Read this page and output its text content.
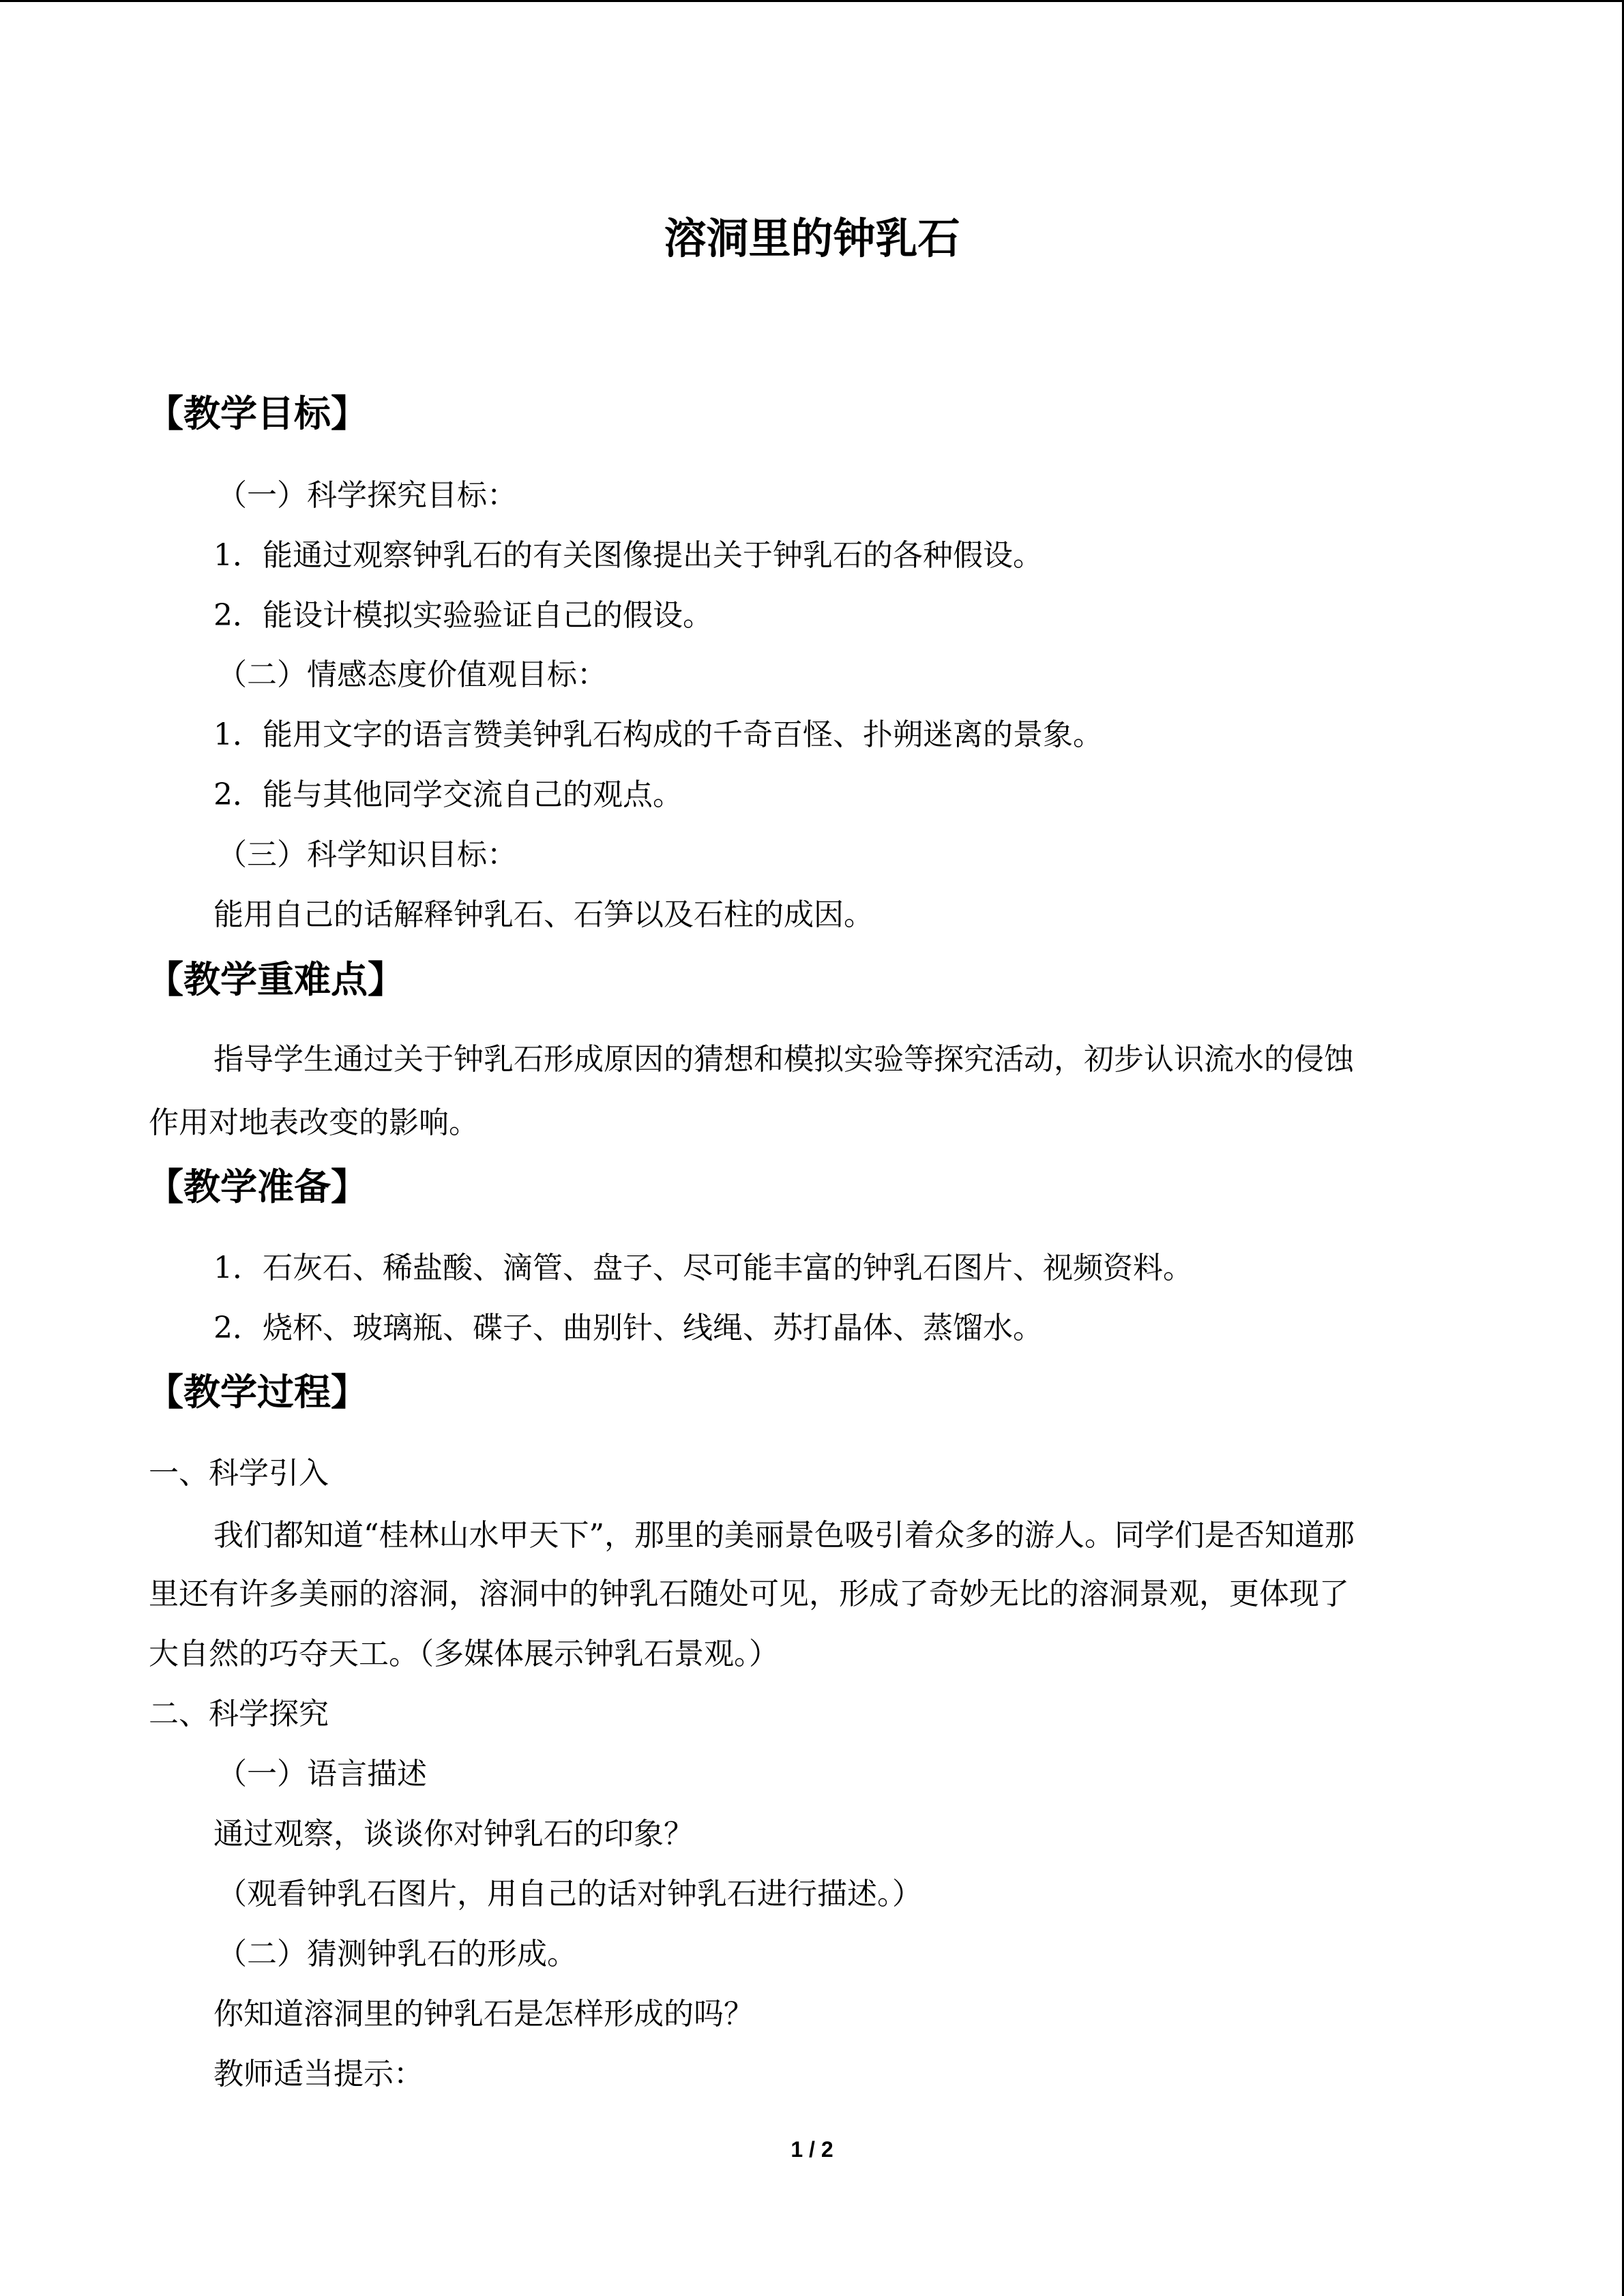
溶洞里的钟乳石
【教学目标】
（一）科学探究目标：
1．能通过观察钟乳石的有关图像提出关于钟乳石的各种假设。
2．能设计模拟实验验证自己的假设。
（二）情感态度价值观目标：
1．能用文字的语言赞美钟乳石构成的千奇百怪、扑朔迷离的景象。
2．能与其他同学交流自己的观点。
（三）科学知识目标：
能用自己的话解释钟乳石、石笋以及石柱的成因。
【教学重难点】
指导学生通过关于钟乳石形成原因的猜想和模拟实验等探究活动，初步认识流水的侵蚀
作用对地表改变的影响。
【教学准备】
1．石灰石、稀盐酸、滴管、盘子、尽可能丰富的钟乳石图片、视频资料。
2．烧杯、玻璃瓶、碟子、曲别针、线绳、苏打晶体、蒸馏水。
【教学过程】
一、科学引入
我们都知道“桂林山水甲天下”，那里的美丽景色吸引着众多的游人。同学们是否知道那
里还有许多美丽的溶洞，溶洞中的钟乳石随处可见，形成了奇妙无比的溶洞景观，更体现了
大自然的巧夺天工。（多媒体展示钟乳石景观。）
二、科学探究
（一）语言描述
通过观察，谈谈你对钟乳石的印象？
（观看钟乳石图片，用自己的话对钟乳石进行描述。）
（二）猜测钟乳石的形成。
你知道溶洞里的钟乳石是怎样形成的吗？
教师适当提示：
1 / 2
